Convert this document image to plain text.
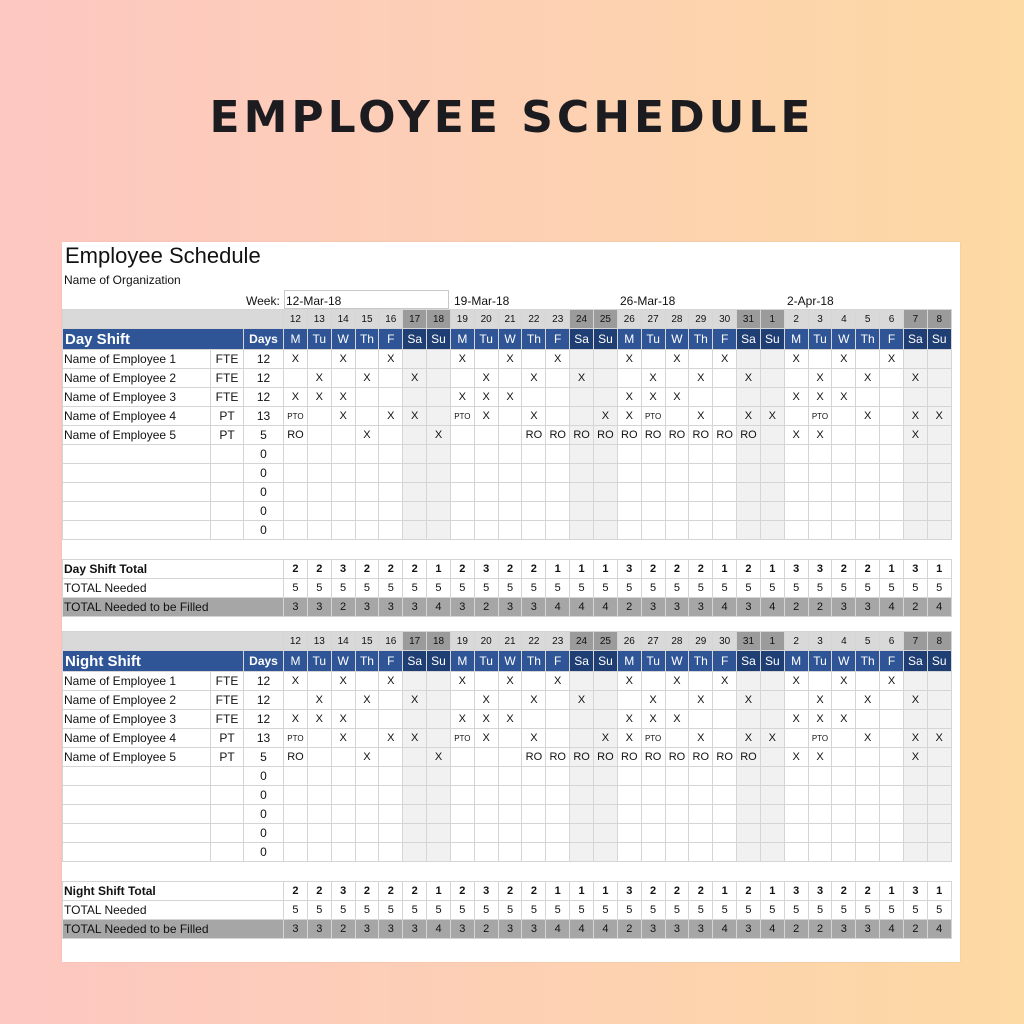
EMPLOYEE SCHEDULE
Employee Schedule
Name of Organization
Week: 12-Mar-18	19-Mar-18	26-Mar-18	2-Apr-18
			12	13	14	15	16	17	18	19	20	21	22	23	24	25	26	27	28	29	30	31	1	2	3	4	5	6	7	8
Day Shift		Days	M	Tu	W	Th	F	Sa	Su	M	Tu	W	Th	F	Sa	Su	M	Tu	W	Th	F	Sa	Su	M	Tu	W	Th	F	Sa	Su
Name of Employee 1	FTE	12	X		X		X			X		X		X			X		X		X			X		X		X		
Name of Employee 2	FTE	12		X		X		X			X		X		X			X		X		X			X		X		X	
Name of Employee 3	FTE	12	X	X	X					X	X	X					X	X	X					X	X	X				
Name of Employee 4	PT	13	PTO		X		X	X		PTO	X		X			X	X	PTO		X		X	X		PTO		X		X	X
Name of Employee 5	PT	5	RO			X			X				RO	RO	RO	RO	RO	RO	RO	RO	RO	RO		X	X				X	
		0																												
		0																												
		0																												
		0																												
		0																												
Day Shift Total	2	2	3	2	2	2	1	2	3	2	2	1	1	1	3	2	2	2	1	2	1	3	3	2	2	1	3	1
TOTAL Needed	5	5	5	5	5	5	5	5	5	5	5	5	5	5	5	5	5	5	5	5	5	5	5	5	5	5	5	5
TOTAL Needed to be Filled	3	3	2	3	3	3	4	3	2	3	3	4	4	4	2	3	3	3	4	3	4	2	2	3	3	4	2	4
			12	13	14	15	16	17	18	19	20	21	22	23	24	25	26	27	28	29	30	31	1	2	3	4	5	6	7	8
Night Shift		Days	M	Tu	W	Th	F	Sa	Su	M	Tu	W	Th	F	Sa	Su	M	Tu	W	Th	F	Sa	Su	M	Tu	W	Th	F	Sa	Su
Name of Employee 1	FTE	12	X		X		X			X		X		X			X		X		X			X		X		X		
Name of Employee 2	FTE	12		X		X		X			X		X		X			X		X		X			X		X		X	
Name of Employee 3	FTE	12	X	X	X					X	X	X					X	X	X					X	X	X				
Name of Employee 4	PT	13	PTO		X		X	X		PTO	X		X			X	X	PTO		X		X	X		PTO		X		X	X
Name of Employee 5	PT	5	RO			X			X				RO	RO	RO	RO	RO	RO	RO	RO	RO	RO		X	X				X	
		0																												
		0																												
		0																												
		0																												
		0																												
Night Shift Total	2	2	3	2	2	2	1	2	3	2	2	1	1	1	3	2	2	2	1	2	1	3	3	2	2	1	3	1
TOTAL Needed	5	5	5	5	5	5	5	5	5	5	5	5	5	5	5	5	5	5	5	5	5	5	5	5	5	5	5	5
TOTAL Needed to be Filled	3	3	2	3	3	3	4	3	2	3	3	4	4	4	2	3	3	3	4	3	4	2	2	3	3	4	2	4
